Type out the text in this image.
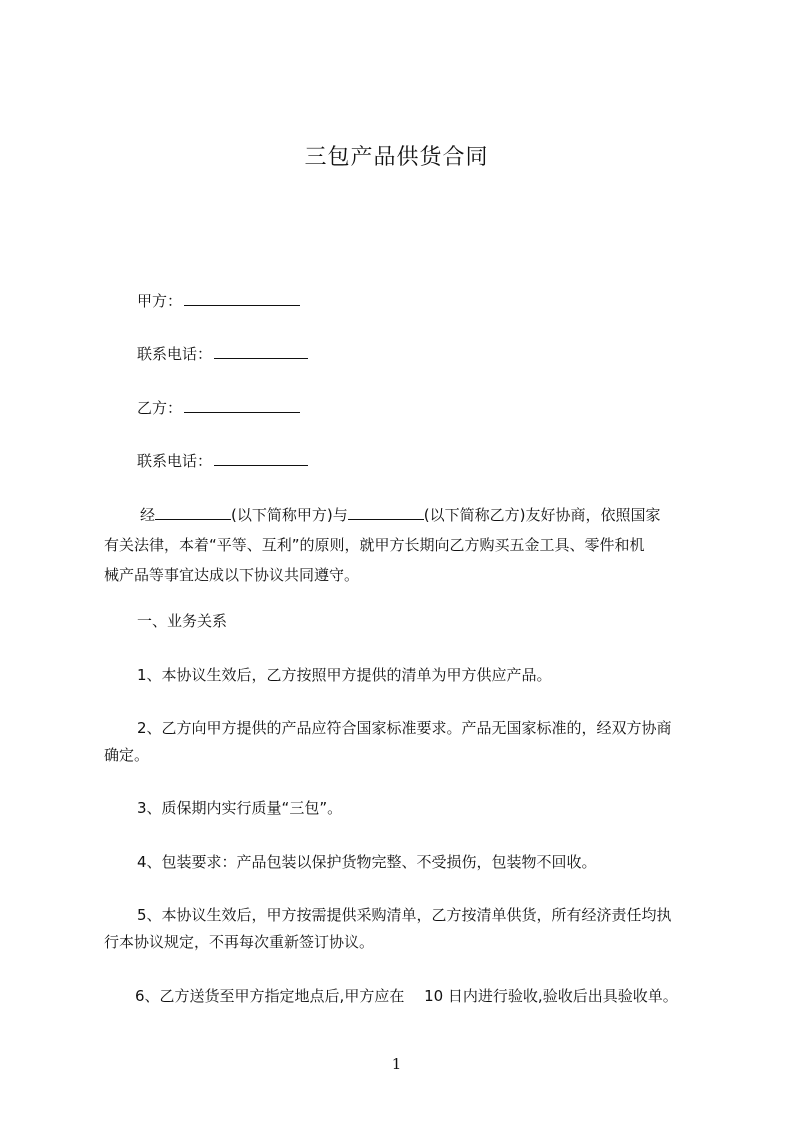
三包产品供货合同
甲方：
联系电话：
乙方：
联系电话：
经	(以下简称甲方)与	(以下简称乙方)友好协商，依照国家
有关法律，本着“平等、互利”的原则，就甲方长期向乙方购买五金工具、零件和机
械产品等事宜达成以下协议共同遵守。
一、业务关系
1、本协议生效后，乙方按照甲方提供的清单为甲方供应产品。
2、乙方向甲方提供的产品应符合国家标准要求。产品无国家标准的，经双方协商
确定。
3、质保期内实行质量“三包”。
4、包装要求：产品包装以保护货物完整、不受损伤，包装物不回收。
5、本协议生效后，甲方按需提供采购清单，乙方按清单供货，所有经济责任均执
行本协议规定，不再每次重新签订协议。
6、乙方送货至甲方指定地点后,甲方应在　 10 日内进行验收,验收后出具验收单。
1
